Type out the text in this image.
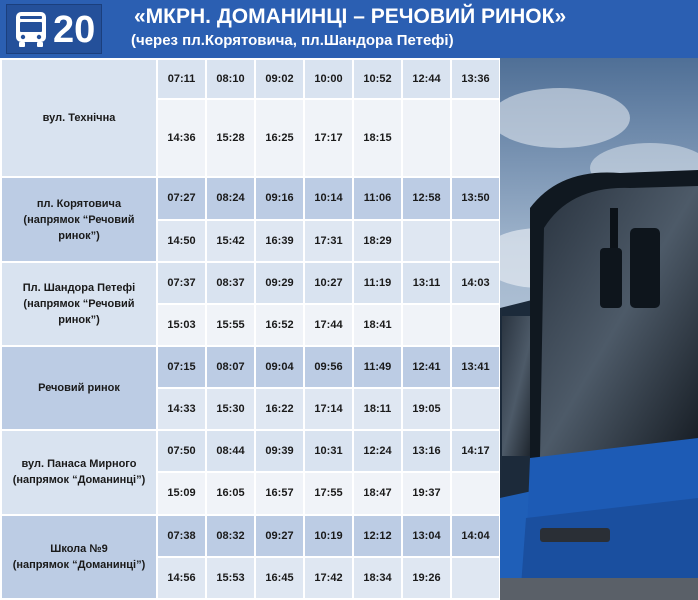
20 «МКРН. ДОМАНИНЦІ – РЕЧОВИЙ РИНОК»
(через пл.Корятовича, пл.Шандора Петефі)
вул. Технічна	07:11	08:10	09:02	10:00	10:52	12:44	13:36
	14:36	15:28	16:25	17:17	18:15		

пл. Корятовича
(напрямок “Речовий
ринок”)	07:27	08:24	09:16	10:14	11:06	12:58	13:50
	14:50	15:42	16:39	17:31	18:29		

Пл. Шандора Петефі
(напрямок “Речовий
ринок”)	07:37	08:37	09:29	10:27	11:19	13:11	14:03
	15:03	15:55	16:52	17:44	18:41		

Речовий ринок	07:15	08:07	09:04	09:56	11:49	12:41	13:41
	14:33	15:30	16:22	17:14	18:11	19:05	

вул. Панаса Мирного
(напрямок “Доманинці”)	07:50	08:44	09:39	10:31	12:24	13:16	14:17
	15:09	16:05	16:57	17:55	18:47	19:37	

Школа №9
(напрямок “Доманинці”)	07:38	08:32	09:27	10:19	12:12	13:04	14:04
	14:56	15:53	16:45	17:42	18:34	19:26	
